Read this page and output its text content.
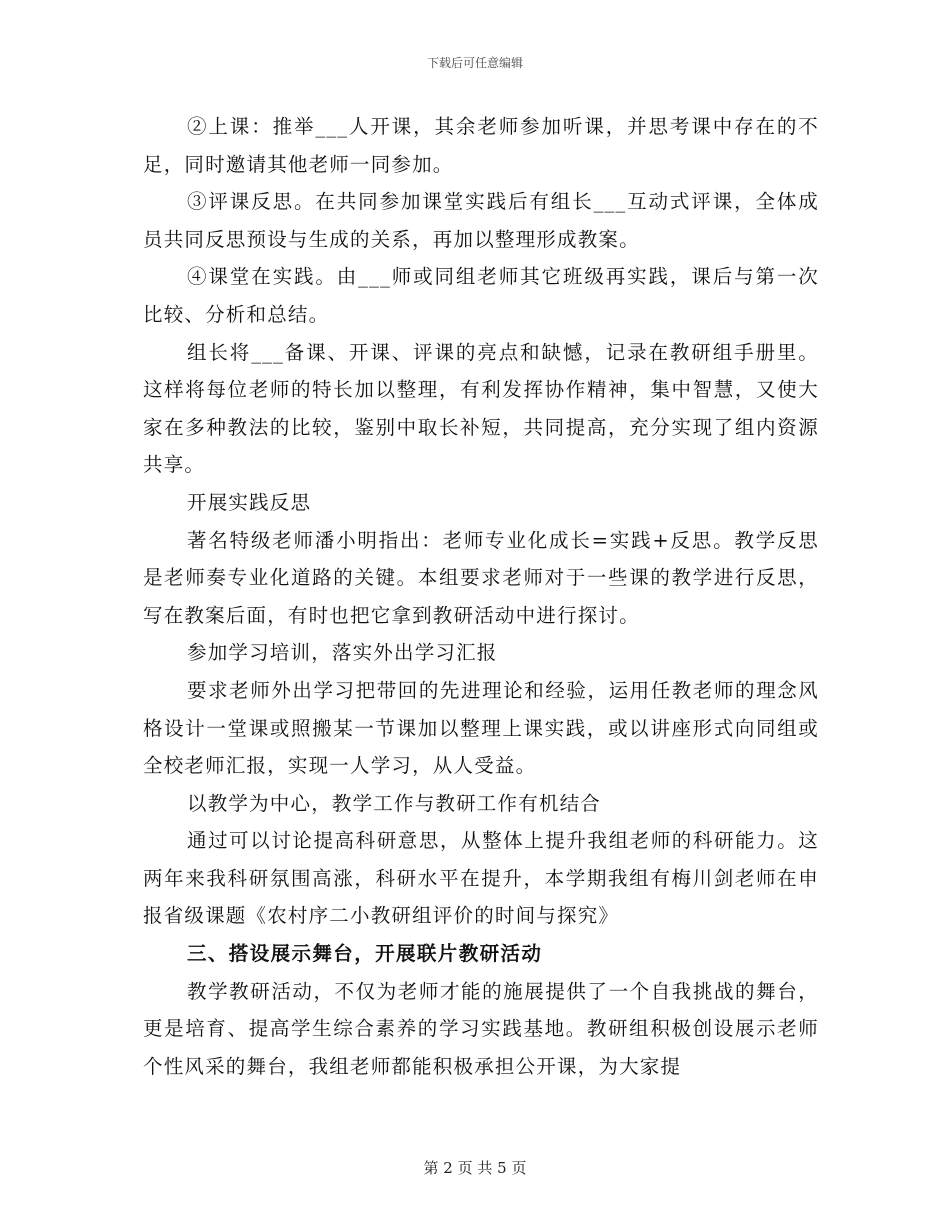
下载后可任意编辑

②上课：推举___人开课，其余老师参加听课，并思考课中存在的不足，同时邀请其他老师一同参加。

③评课反思。在共同参加课堂实践后有组长___互动式评课，全体成员共同反思预设与生成的关系，再加以整理形成教案。

④课堂在实践。由___师或同组老师其它班级再实践，课后与第一次比较、分析和总结。

组长将___备课、开课、评课的亮点和缺憾，记录在教研组手册里。这样将每位老师的特长加以整理，有利发挥协作精神，集中智慧，又使大家在多种教法的比较，鉴别中取长补短，共同提高，充分实现了组内资源共享。

开展实践反思

著名特级老师潘小明指出：老师专业化成长=实践+反思。教学反思是老师奏专业化道路的关键。本组要求老师对于一些课的教学进行反思，写在教案后面，有时也把它拿到教研活动中进行探讨。

参加学习培训，落实外出学习汇报

要求老师外出学习把带回的先进理论和经验，运用任教老师的理念风格设计一堂课或照搬某一节课加以整理上课实践，或以讲座形式向同组或全校老师汇报，实现一人学习，从人受益。

以教学为中心，教学工作与教研工作有机结合

通过可以讨论提高科研意思，从整体上提升我组老师的科研能力。这两年来我科研氛围高涨，科研水平在提升，本学期我组有梅川剑老师在申报省级课题《农村序二小教研组评价的时间与探究》

三、搭设展示舞台，开展联片教研活动

教学教研活动，不仅为老师才能的施展提供了一个自我挑战的舞台，更是培育、提高学生综合素养的学习实践基地。教研组积极创设展示老师个性风采的舞台，我组老师都能积极承担公开课，为大家提

第 2 页 共 5 页
